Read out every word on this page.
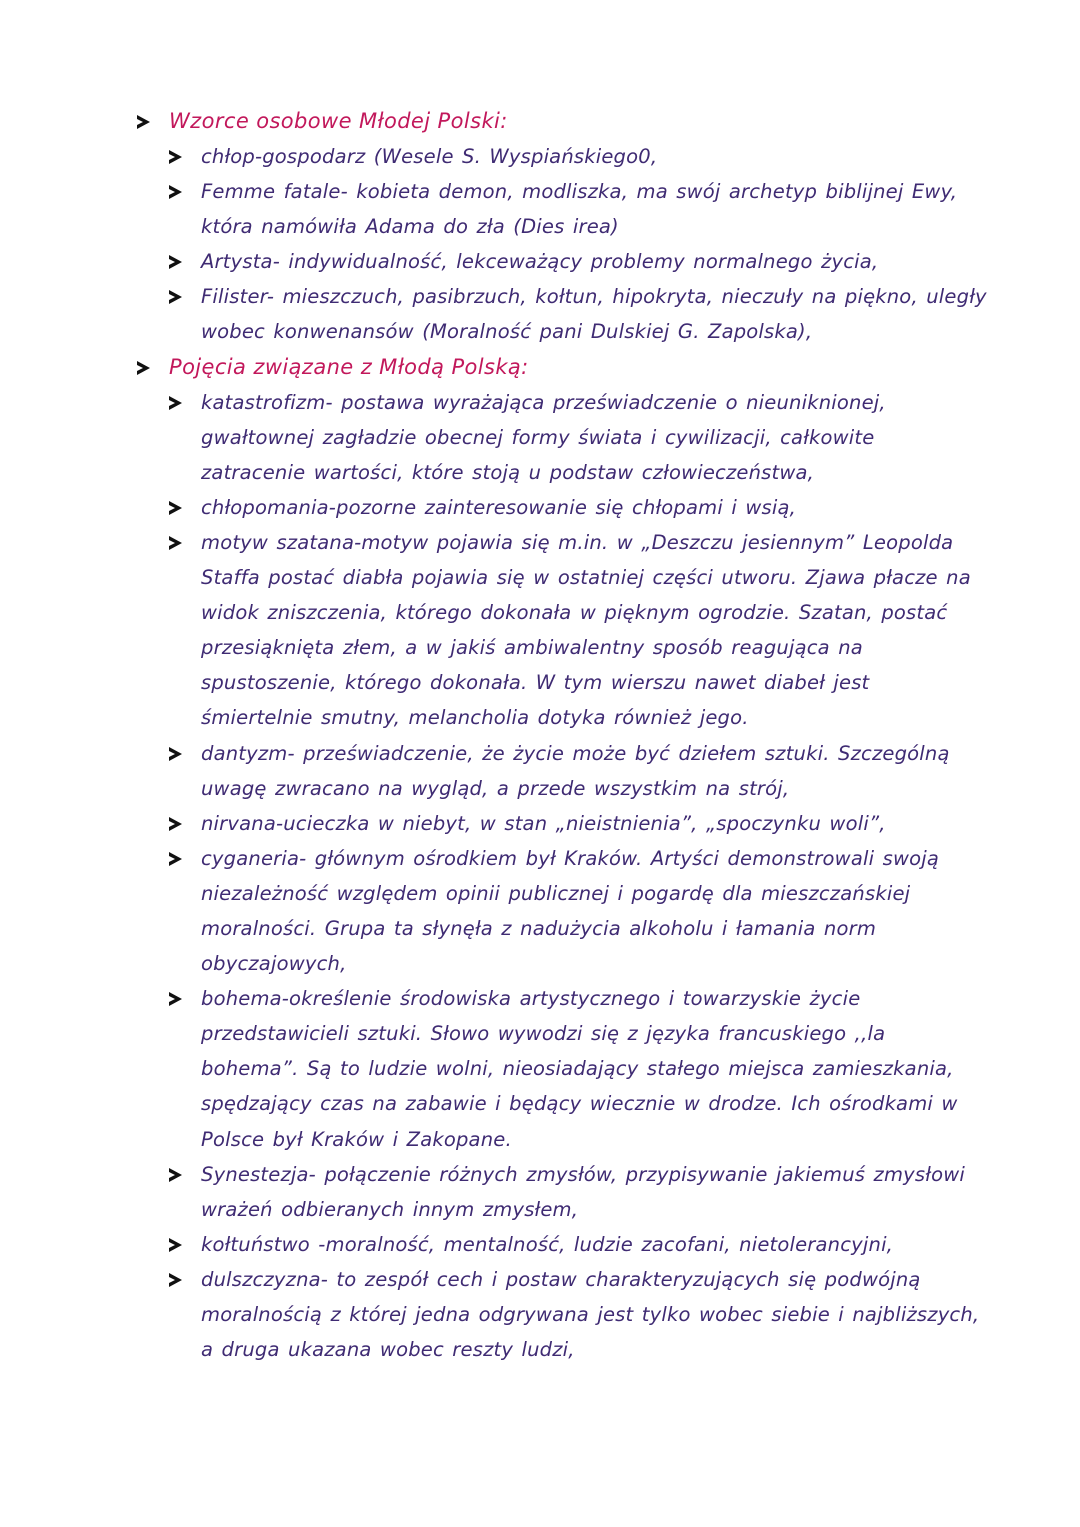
Wzorce osobowe Młodej Polski:
chłop-gospodarz (Wesele S. Wyspiańskiego0,
Femme fatale- kobieta demon, modliszka, ma swój archetyp biblijnej Ewy, która namówiła Adama do zła (Dies irea)
Artysta- indywidualność, lekceważący problemy normalnego życia,
Filister- mieszczuch, pasibrzuch, kołtun, hipokryta, nieczuły na piękno, uległy wobec konwenansów (Moralność pani Dulskiej G. Zapolska),
Pojęcia związane z Młodą Polską:
katastrofizm- postawa wyrażająca przeświadczenie o nieuniknionej, gwałtownej zagładzie obecnej formy świata i cywilizacji, całkowite zatracenie wartości, które stoją u podstaw człowieczeństwa,
chłopomania-pozorne zainteresowanie się chłopami i wsią,
motyw szatana-motyw pojawia się m.in. w „Deszczu jesiennym” Leopolda Staffa postać diabła pojawia się w ostatniej części utworu. Zjawa płacze na widok zniszczenia, którego dokonała w pięknym ogrodzie. Szatan, postać przesiąknięta złem, a w jakiś ambiwalentny sposób reagująca na spustoszenie, którego dokonała. W tym wierszu nawet diabeł jest śmiertelnie smutny, melancholia dotyka również jego.
dantyzm- przeświadczenie, że życie może być dziełem sztuki. Szczególną uwagę zwracano na wygląd, a przede wszystkim na strój,
nirvana-ucieczka w niebyt, w stan „nieistnienia”, „spoczynku woli”,
cyganeria- głównym ośrodkiem był Kraków. Artyści demonstrowali swoją niezależność względem opinii publicznej i pogardę dla mieszczańskiej moralności. Grupa ta słynęła z nadużycia alkoholu i łamania norm obyczajowych,
bohema-określenie środowiska artystycznego i towarzyskie życie przedstawicieli sztuki. Słowo wywodzi się z języka francuskiego ,,la bohema”. Są to ludzie wolni, nieosiadający stałego miejsca zamieszkania, spędzający czas na zabawie i będący wiecznie w drodze. Ich ośrodkami w Polsce był Kraków i Zakopane.
Synestezja- połączenie różnych zmysłów, przypisywanie jakiemuś zmysłowi wrażeń odbieranych innym zmysłem,
kołtuństwo -moralność, mentalność, ludzie zacofani, nietolerancyjni,
dulszczyzna- to zespół cech i postaw charakteryzujących się podwójną moralnością z której jedna odgrywana jest tylko wobec siebie i najbliższych, a druga ukazana wobec reszty ludzi,
